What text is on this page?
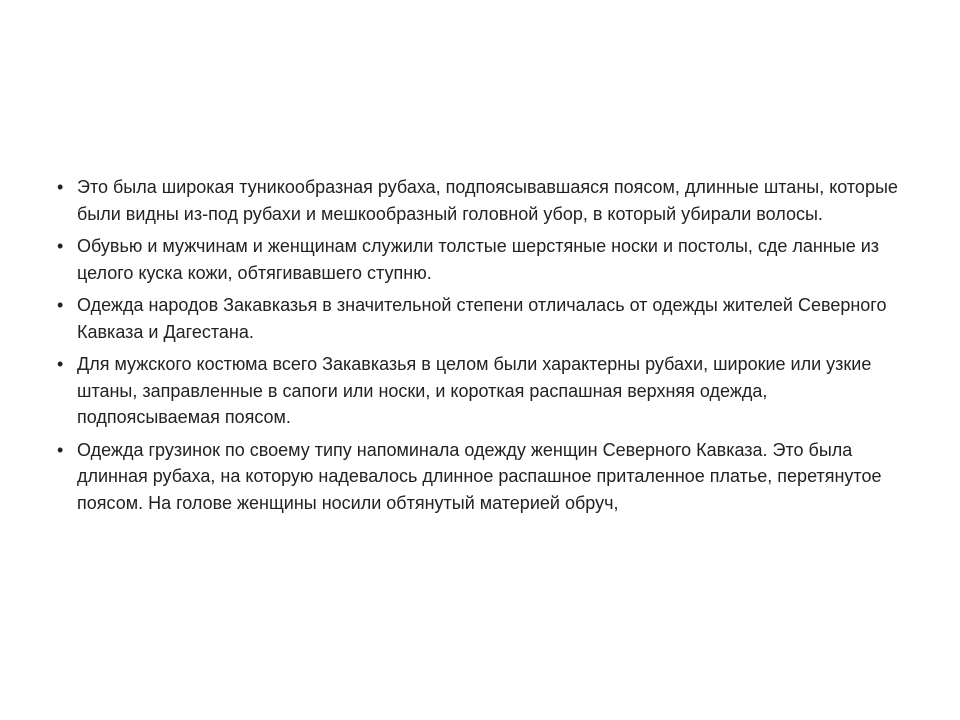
• Это была широкая туникообразная рубаха, подпоясывавшаяся поясом, длинные штаны, которые были видны из-под рубахи и мешкообразный головной убор, в который убирали волосы.
• Обувью и мужчинам и женщинам служили толстые шерстяные носки и постолы, сде ланные из целого куска кожи, обтягивавшего ступню.
• Одежда народов Закавказья в значительной степени отличалась от одежды жителей Северного Кавказа и Дагестана.
• Для мужского костюма всего Закавказья в целом были характерны рубахи, широкие или узкие штаны, заправленные в сапоги или носки, и короткая распашная верхняя одежда, подпоясываемая поясом.
• Одежда грузинок по своему типу напоминала одежду женщин Северного Кавказа. Это была длинная рубаха, на которую надевалось длинное распашное приталенное платье, перетянутое поясом. На голове женщины носили обтянутый материей обруч,
